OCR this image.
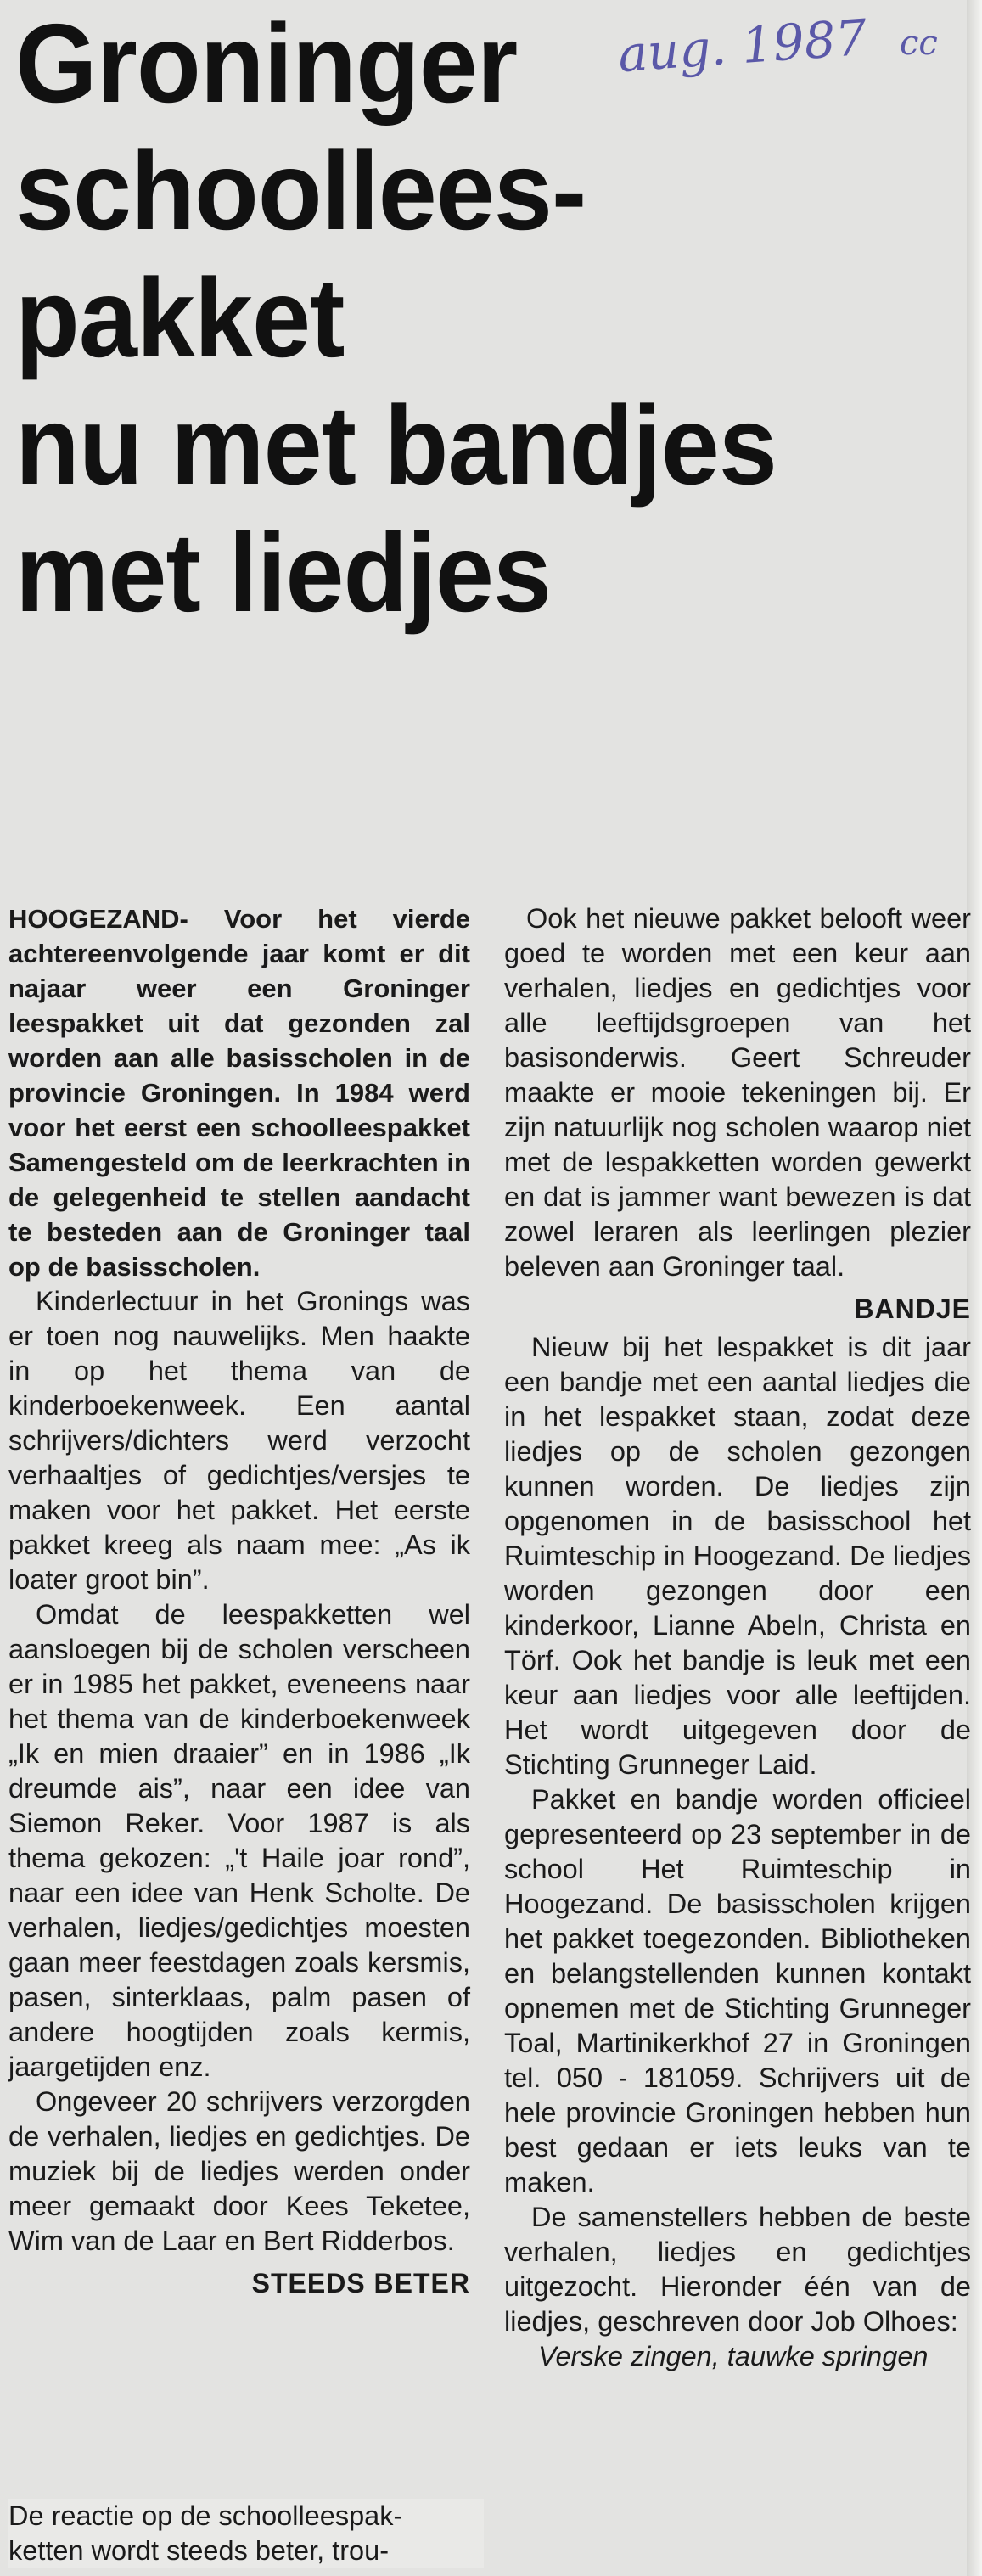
Groninger
schoollees-
pakket
nu met bandjes
met liedjes
aug. 1987 cc

HOOGEZAND- Voor het vierde achtereenvolgende jaar komt er dit najaar weer een Groninger leespakket uit dat gezonden zal worden aan alle basisscholen in de provincie Groningen. In 1984 werd voor het eerst een schoolleespakket Samengesteld om de leerkrachten in de gelegenheid te stellen aandacht te besteden aan de Groninger taal op de basisscholen.

Kinderlectuur in het Gronings was er toen nog nauwelijks. Men haakte in op het thema van de kinderboekenweek. Een aantal schrijvers/dichters werd verzocht verhaaltjes of gedichtjes/versjes te maken voor het pakket. Het eerste pakket kreeg als naam mee: „As ik loater groot bin”.

Omdat de leespakketten wel aansloegen bij de scholen verscheen er in 1985 het pakket, eveneens naar het thema van de kinderboekenweek „Ik en mien draaier” en in 1986 „Ik dreumde ais”, naar een idee van Siemon Reker. Voor 1987 is als thema gekozen: „'t Haile joar rond”, naar een idee van Henk Scholte. De verhalen, liedjes/gedichtjes moesten gaan meer feestdagen zoals kersmis, pasen, sinterklaas, palm pasen of andere hoogtijden zoals kermis, jaargetijden enz.

Ongeveer 20 schrijvers verzorgden de verhalen, liedjes en gedichtjes. De muziek bij de liedjes werden onder meer gemaakt door Kees Teketee, Wim van de Laar en Bert Ridderbos.

STEEDS BETER
De reactie op de schoolleespak-
ketten wordt steeds beter, trou-

Ook het nieuwe pakket belooft weer goed te worden met een keur aan verhalen, liedjes en gedichtjes voor alle leeftijdsgroepen van het basisonderwis. Geert Schreuder maakte er mooie tekeningen bij. Er zijn natuurlijk nog scholen waarop niet met de lespakketten worden gewerkt en dat is jammer want bewezen is dat zowel leraren als leerlingen plezier beleven aan Groninger taal.

BANDJE

Nieuw bij het lespakket is dit jaar een bandje met een aantal liedjes die in het lespakket staan, zodat deze liedjes op de scholen gezongen kunnen worden. De liedjes zijn opgenomen in de basisschool het Ruimteschip in Hoogezand. De liedjes worden gezongen door een kinderkoor, Lianne Abeln, Christa en Törf. Ook het bandje is leuk met een keur aan liedjes voor alle leeftijden. Het wordt uitgegeven door de Stichting Grunneger Laid.

Pakket en bandje worden officieel gepresenteerd op 23 september in de school Het Ruimteschip in Hoogezand. De basisscholen krijgen het pakket toegezonden. Bibliotheken en belangstellenden kunnen kontakt opnemen met de Stichting Grunneger Toal, Martinikerkhof 27 in Groningen tel. 050 - 181059. Schrijvers uit de hele provincie Groningen hebben hun best gedaan er iets leuks van te maken.

De samenstellers hebben de beste verhalen, liedjes en gedichtjes uitgezocht. Hieronder één van de liedjes, geschreven door Job Olhoes:

Verske zingen, tauwke springen
